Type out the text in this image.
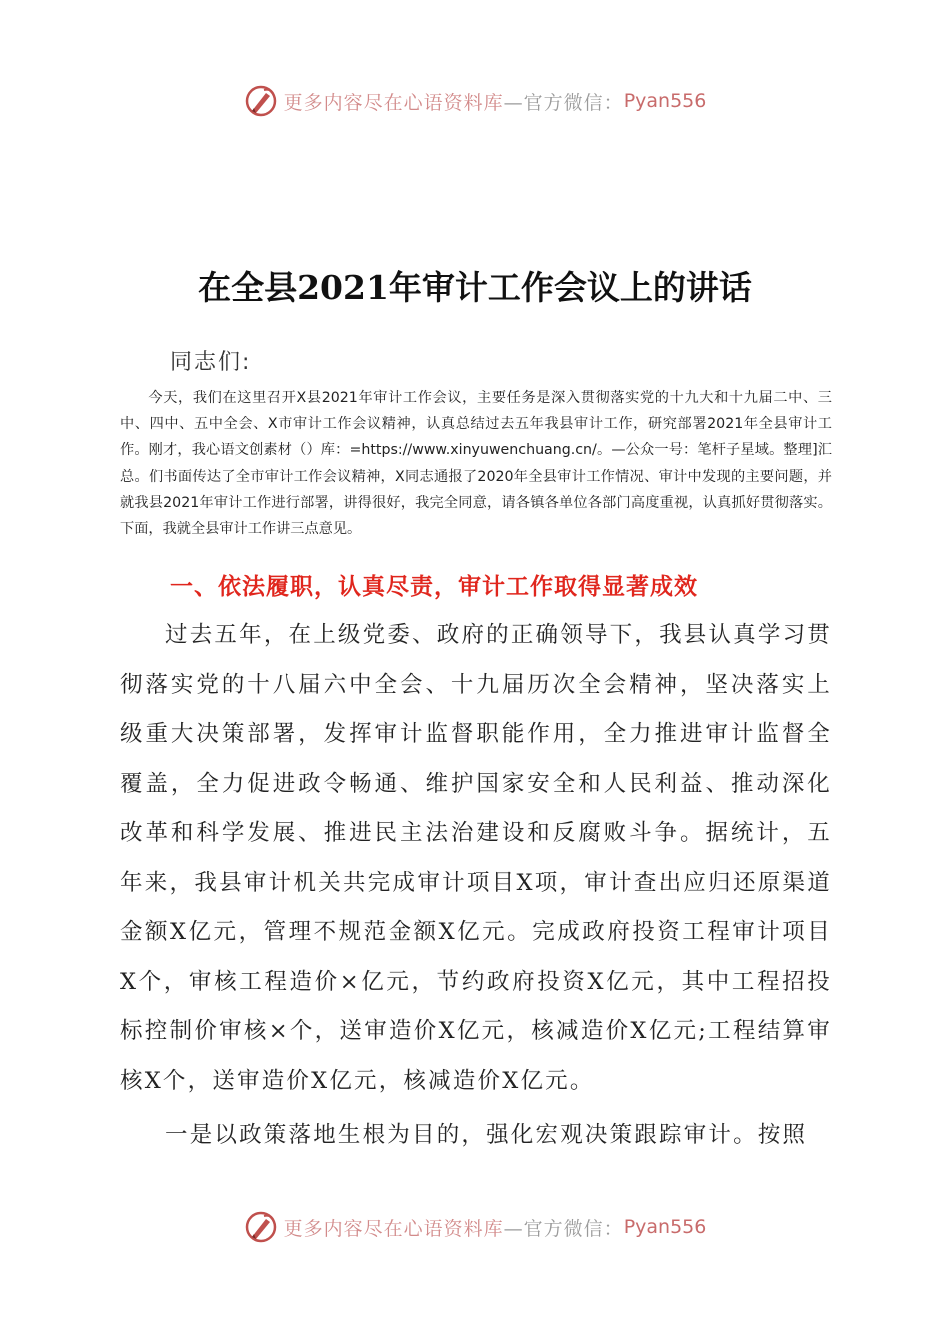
更多内容尽在心语资料库 —官方微信： Pyan556
在全县2021年审计工作会议上的讲话
同志们:

今天，我们在这里召开X县2021年审计工作会议，主要任务是深入贯彻落实党的十九大和十九届二中、三中、四中、五中全会、X市审计工作会议精神，认真总结过去五年我县审计工作，研究部署2021年全县审计工作。刚才，我心语文创素材（）库：=https://www.xinyuwenchuang.cn/。—公众一号：笔杆子星域。整理]汇总。们书面传达了全市审计工作会议精神，X同志通报了2020年全县审计工作情况、审计中发现的主要问题，并就我县2021年审计工作进行部署，讲得很好，我完全同意，请各镇各单位各部门高度重视，认真抓好贯彻落实。下面，我就全县审计工作讲三点意见。

一、依法履职，认真尽责，审计工作取得显著成效

过去五年，在上级党委、政府的正确领导下，我县认真学习贯彻落实党的十八届六中全会、十九届历次全会精神，坚决落实上级重大决策部署，发挥审计监督职能作用，全力推进审计监督全覆盖，全力促进政令畅通、维护国家安全和人民利益、推动深化改革和科学发展、推进民主法治建设和反腐败斗争。据统计，五年来，我县审计机关共完成审计项目X项，审计查出应归还原渠道金额X亿元，管理不规范金额X亿元。完成政府投资工程审计项目X个，审核工程造价×亿元，节约政府投资X亿元，其中工程招投标控制价审核×个，送审造价X亿元，核减造价X亿元;工程结算审核X个，送审造价X亿元，核减造价X亿元。

一是以政策落地生根为目的，强化宏观决策跟踪审计。按照

更多内容尽在心语资料库 —官方微信： Pyan556
